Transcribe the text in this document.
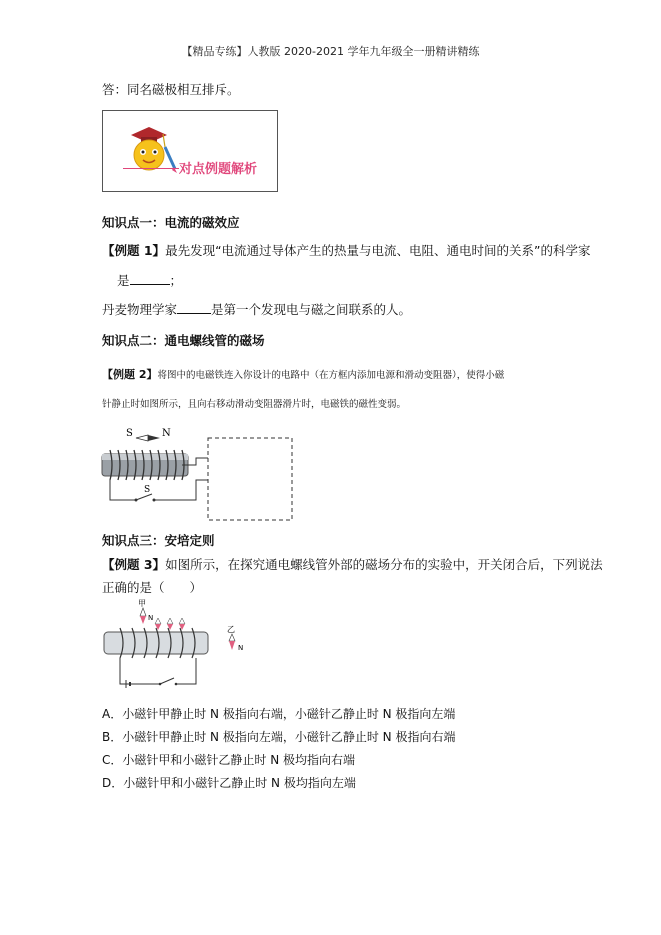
【精品专练】人教版 2020-2021 学年九年级全一册精讲精练
答：同名磁极相互排斥。
对点例题解析
知识点一：电流的磁效应
【例题 1】最先发现“电流通过导体产生的热量与电流、电阻、通电时间的关系”的科学家
是	；
丹麦物理学家	是第一个发现电与磁之间联系的人。
知识点二：通电螺线管的磁场
【例题 2】将图中的电磁铁连入你设计的电路中（在方框内添加电源和滑动变阻器），使得小磁
针静止时如图所示，且向右移动滑动变阻器滑片时，电磁铁的磁性变弱。
S	N
S
知识点三：安培定则
【例题 3】如图所示，在探究通电螺线管外部的磁场分布的实验中，开关闭合后，下列说法
正确的是（　　）
甲
N
乙
N
A．小磁针甲静止时 N 极指向右端，小磁针乙静止时 N 极指向左端
B．小磁针甲静止时 N 极指向左端，小磁针乙静止时 N 极指向右端
C．小磁针甲和小磁针乙静止时 N 极均指向右端
D．小磁针甲和小磁针乙静止时 N 极均指向左端
